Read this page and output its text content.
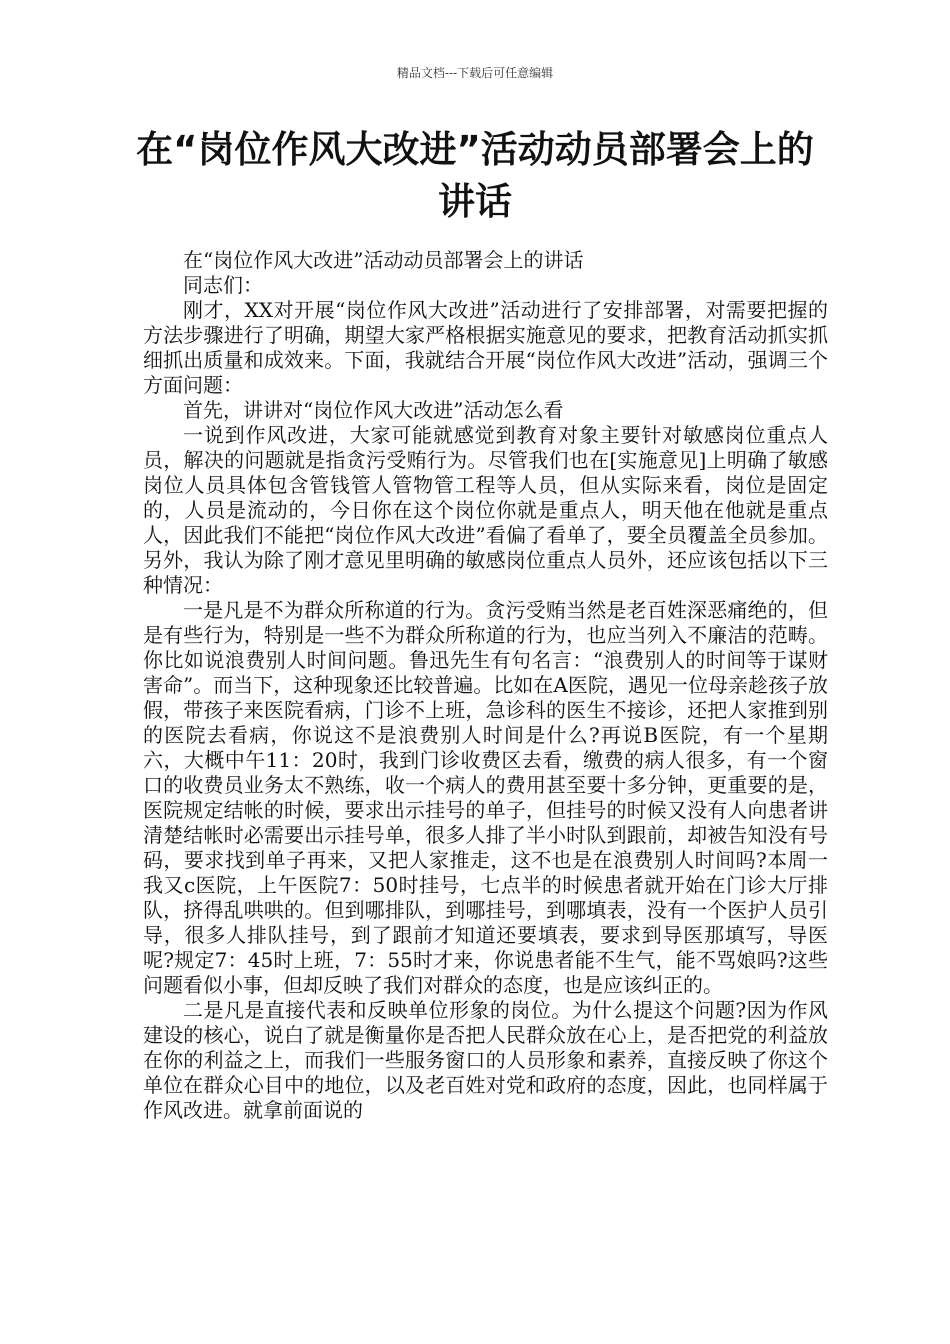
精品文档---下载后可任意编辑
在“岗位作风大改进”活动动员部署会上的讲话

在“岗位作风大改进”活动动员部署会上的讲话

同志们：

刚才，XX对开展“岗位作风大改进”活动进行了安排部署，对需要把握的方法步骤进行了明确，期望大家严格根据实施意见的要求，把教育活动抓实抓细抓出质量和成效来。下面，我就结合开展“岗位作风大改进”活动，强调三个方面问题：

首先，讲讲对“岗位作风大改进”活动怎么看

一说到作风改进，大家可能就感觉到教育对象主要针对敏感岗位重点人员，解决的问题就是指贪污受贿行为。尽管我们也在[实施意见]上明确了敏感岗位人员具体包含管钱管人管物管工程等人员，但从实际来看，岗位是固定的，人员是流动的，今日你在这个岗位你就是重点人，明天他在他就是重点人，因此我们不能把“岗位作风大改进”看偏了看单了，要全员覆盖全员参加。另外，我认为除了刚才意见里明确的敏感岗位重点人员外，还应该包括以下三种情况：

一是凡是不为群众所称道的行为。贪污受贿当然是老百姓深恶痛绝的，但是有些行为，特别是一些不为群众所称道的行为，也应当列入不廉洁的范畴。你比如说浪费别人时间问题。鲁迅先生有句名言：“浪费别人的时间等于谋财害命”。而当下，这种现象还比较普遍。比如在A医院，遇见一位母亲趁孩子放假，带孩子来医院看病，门诊不上班，急诊科的医生不接诊，还把人家推到别的医院去看病，你说这不是浪费别人时间是什么?再说B医院，有一个星期六，大概中午11：20时，我到门诊收费区去看，缴费的病人很多，有一个窗口的收费员业务太不熟练，收一个病人的费用甚至要十多分钟，更重要的是，医院规定结帐的时候，要求出示挂号的单子，但挂号的时候又没有人向患者讲清楚结帐时必需要出示挂号单，很多人排了半小时队到跟前，却被告知没有号码，要求找到单子再来，又把人家推走，这不也是在浪费别人时间吗?本周一我又c医院，上午医院7：50时挂号，七点半的时候患者就开始在门诊大厅排队，挤得乱哄哄的。但到哪排队，到哪挂号，到哪填表，没有一个医护人员引导，很多人排队挂号，到了跟前才知道还要填表，要求到导医那填写，导医呢?规定7：45时上班，7：55时才来，你说患者能不生气，能不骂娘吗?这些问题看似小事，但却反映了我们对群众的态度，也是应该纠正的。

二是凡是直接代表和反映单位形象的岗位。为什么提这个问题?因为作风建设的核心，说白了就是衡量你是否把人民群众放在心上，是否把党的利益放在你的利益之上，而我们一些服务窗口的人员形象和素养，直接反映了你这个单位在群众心目中的地位，以及老百姓对党和政府的态度，因此，也同样属于作风改进。就拿前面说的
